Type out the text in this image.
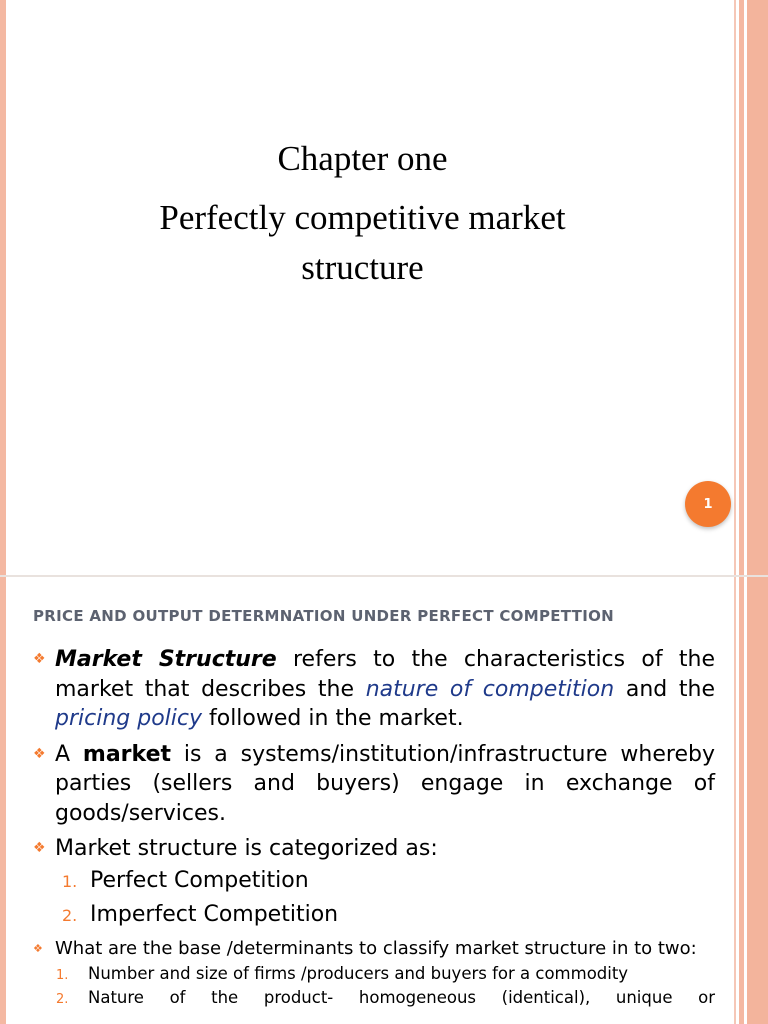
Chapter one
Perfectly competitive market structure
1
PRICE AND OUTPUT DETERMNATION UNDER PERFECT COMPETTION
❖ Market Structure refers to the characteristics of the market that describes the nature of competition and the pricing policy followed in the market.
❖ A market is a systems/institution/infrastructure whereby parties (sellers and buyers) engage in exchange of goods/services.
❖ Market structure is categorized as:
1. Perfect Competition
2. Imperfect Competition
❖ What are the base /determinants to classify market structure in to two:
1. Number and size of firms /producers and buyers for a commodity
2. Nature of the product- homogeneous (identical), unique or
